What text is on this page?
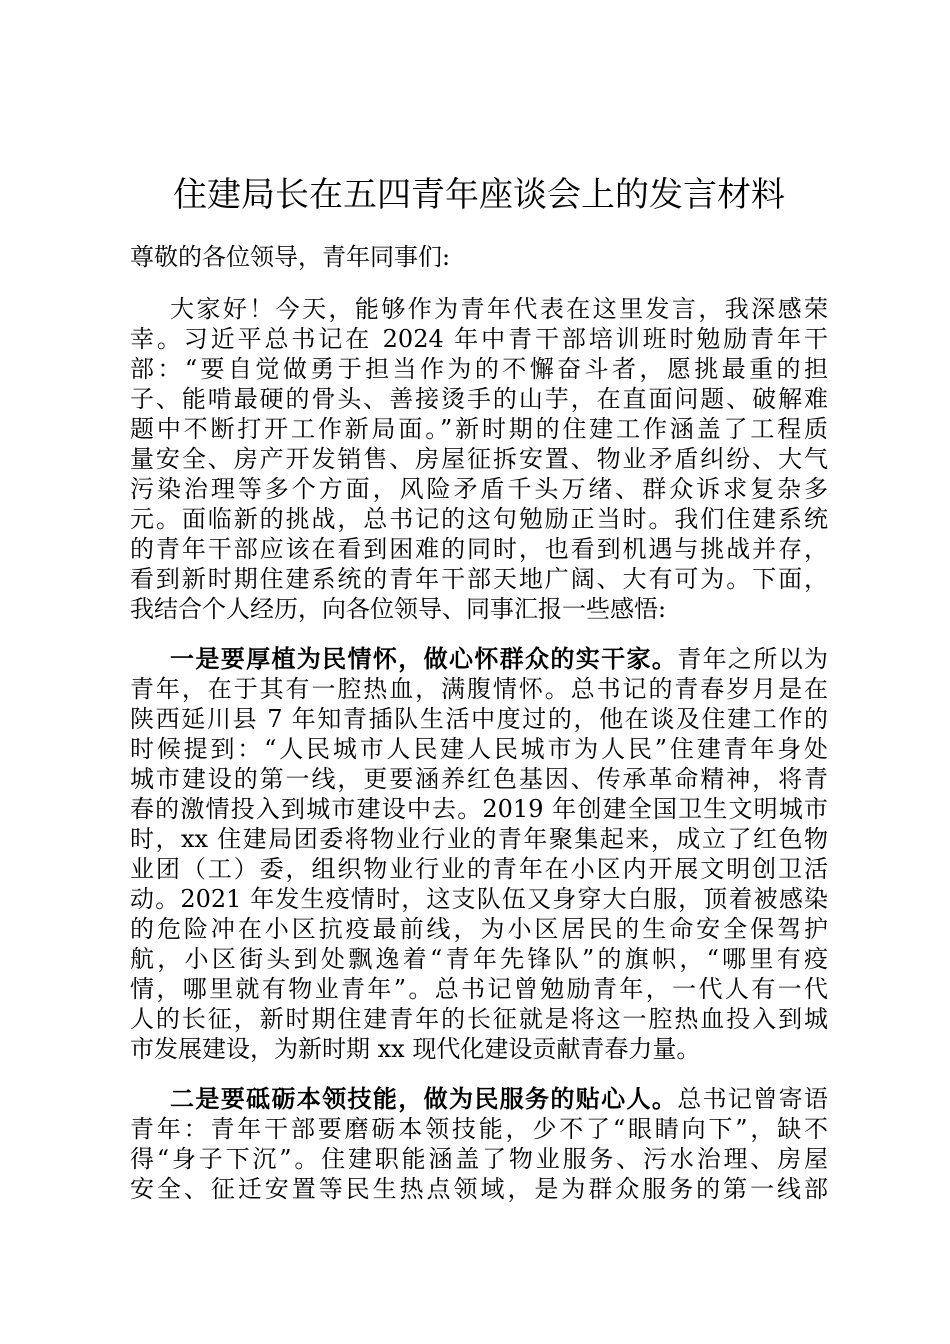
住建局长在五四青年座谈会上的发言材料
尊敬的各位领导，青年同事们:
大家好！今天，能够作为青年代表在这里发言，我深感荣
幸。习近平总书记在 2024 年中青干部培训班时勉励青年干
部：“要自觉做勇于担当作为的不懈奋斗者，愿挑最重的担
子、能啃最硬的骨头、善接烫手的山芋，在直面问题、破解难
题中不断打开工作新局面。”新时期的住建工作涵盖了工程质
量安全、房产开发销售、房屋征拆安置、物业矛盾纠纷、大气
污染治理等多个方面，风险矛盾千头万绪、群众诉求复杂多
元。面临新的挑战，总书记的这句勉励正当时。我们住建系统
的青年干部应该在看到困难的同时，也看到机遇与挑战并存，
看到新时期住建系统的青年干部天地广阔、大有可为。下面，
我结合个人经历，向各位领导、同事汇报一些感悟:
一是要厚植为民情怀，做心怀群众的实干家。青年之所以为
青年，在于其有一腔热血，满腹情怀。总书记的青春岁月是在
陕西延川县 7 年知青插队生活中度过的，他在谈及住建工作的
时候提到：“人民城市人民建人民城市为人民”住建青年身处
城市建设的第一线，更要涵养红色基因、传承革命精神，将青
春的激情投入到城市建设中去。2019 年创建全国卫生文明城市
时，xx 住建局团委将物业行业的青年聚集起来，成立了红色物
业团（工）委，组织物业行业的青年在小区内开展文明创卫活
动。2021 年发生疫情时，这支队伍又身穿大白服，顶着被感染
的危险冲在小区抗疫最前线，为小区居民的生命安全保驾护
航，小区街头到处飘逸着“青年先锋队”的旗帜，“哪里有疫
情，哪里就有物业青年”。总书记曾勉励青年，一代人有一代
人的长征，新时期住建青年的长征就是将这一腔热血投入到城
市发展建设，为新时期 xx 现代化建设贡献青春力量。
二是要砥砺本领技能，做为民服务的贴心人。总书记曾寄语
青年：青年干部要磨砺本领技能，少不了“眼睛向下”，缺不
得“身子下沉”。住建职能涵盖了物业服务、污水治理、房屋
安全、征迁安置等民生热点领域，是为群众服务的第一线部
